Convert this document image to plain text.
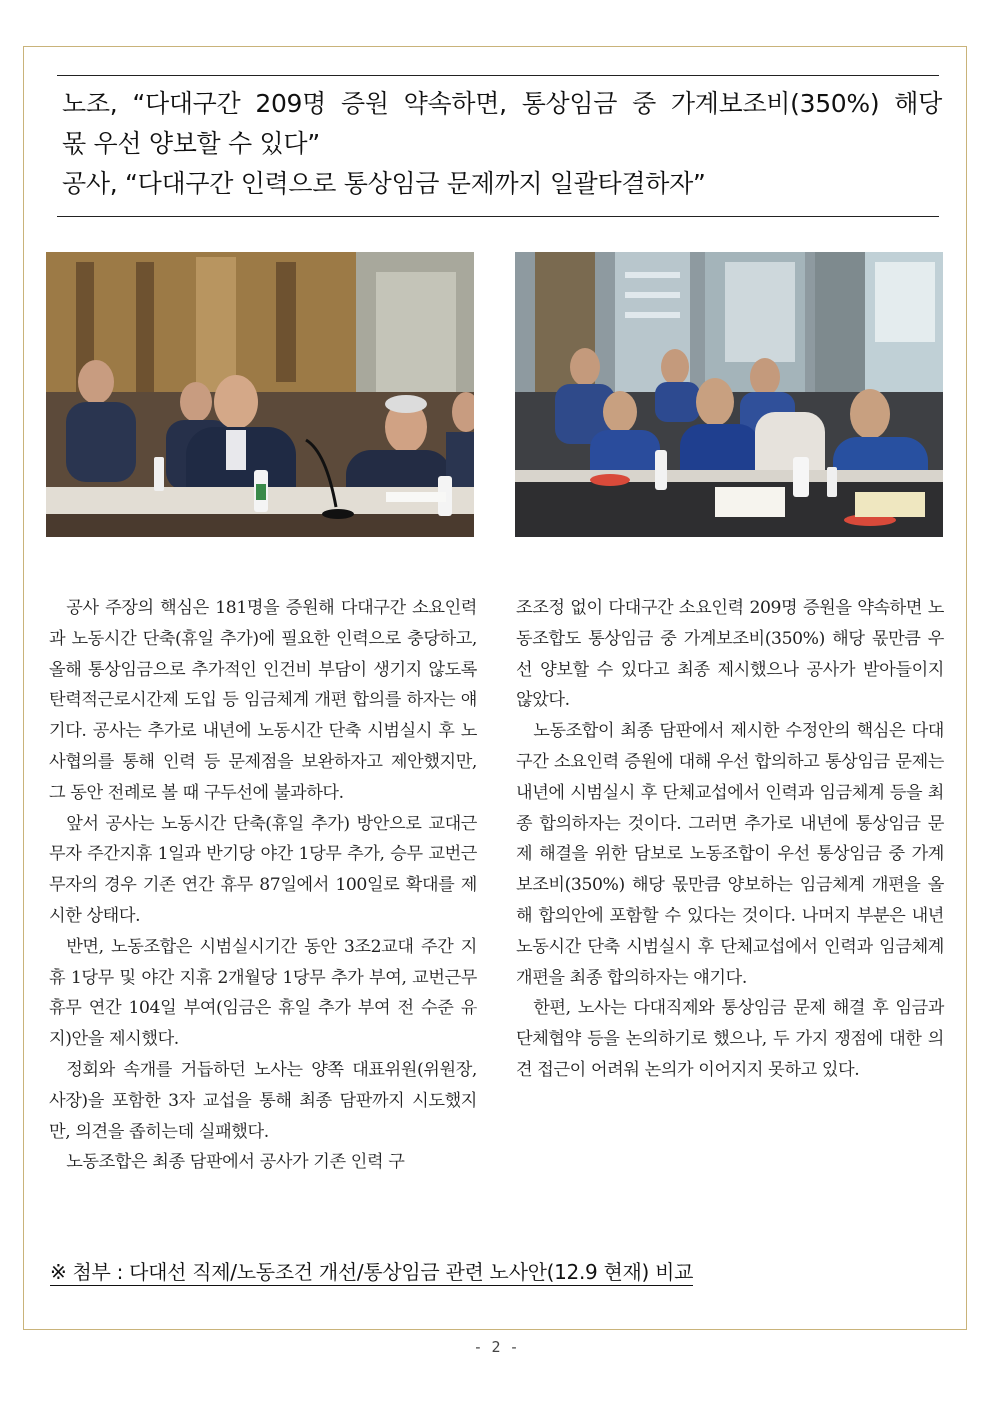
노조, “다대구간 209명 증원 약속하면, 통상임금 중 가계보조비(350%) 해당
몫 우선 양보할 수 있다”
공사, “다대구간 인력으로 통상임금 문제까지 일괄타결하자”

공사 주장의 핵심은 181명을 증원해 다대구간 소요인력과 노동시간 단축(휴일 추가)에 필요한 인력으로 충당하고, 올해 통상임금으로 추가적인 인건비 부담이 생기지 않도록 탄력적근로시간제 도입 등 임금체계 개편 합의를 하자는 얘기다. 공사는 추가로 내년에 노동시간 단축 시범실시 후 노사협의를 통해 인력 등 문제점을 보완하자고 제안했지만, 그 동안 전례로 볼 때 구두선에 불과하다.

앞서 공사는 노동시간 단축(휴일 추가) 방안으로 교대근무자 주간지휴 1일과 반기당 야간 1당무 추가, 승무 교번근무자의 경우 기존 연간 휴무 87일에서 100일로 확대를 제시한 상태다.

반면, 노동조합은 시범실시기간 동안 3조2교대 주간 지휴 1당무 및 야간 지휴 2개월당 1당무 추가 부여, 교번근무 휴무 연간 104일 부여(임금은 휴일 추가 부여 전 수준 유지)안을 제시했다.

정회와 속개를 거듭하던 노사는 양쪽 대표위원(위원장, 사장)을 포함한 3자 교섭을 통해 최종 담판까지 시도했지만, 의견을 좁히는데 실패했다.

노동조합은 최종 담판에서 공사가 기존 인력 구

조조정 없이 다대구간 소요인력 209명 증원을 약속하면 노동조합도 통상임금 중 가계보조비(350%) 해당 몫만큼 우선 양보할 수 있다고 최종 제시했으나 공사가 받아들이지 않았다.

노동조합이 최종 담판에서 제시한 수정안의 핵심은 다대구간 소요인력 증원에 대해 우선 합의하고 통상임금 문제는 내년에 시범실시 후 단체교섭에서 인력과 임금체계 등을 최종 합의하자는 것이다. 그러면 추가로 내년에 통상임금 문제 해결을 위한 담보로 노동조합이 우선 통상임금 중 가계보조비(350%) 해당 몫만큼 양보하는 임금체계 개편을 올해 합의안에 포함할 수 있다는 것이다. 나머지 부분은 내년 노동시간 단축 시범실시 후 단체교섭에서 인력과 임금체계 개편을 최종 합의하자는 얘기다.

한편, 노사는 다대직제와 통상임금 문제 해결 후 임금과 단체협약 등을 논의하기로 했으나, 두 가지 쟁점에 대한 의견 접근이 어려워 논의가 이어지지 못하고 있다.

※ 첨부 : 다대선 직제/노동조건 개선/통상임금 관련 노사안(12.9 현재) 비교
- 2 -
